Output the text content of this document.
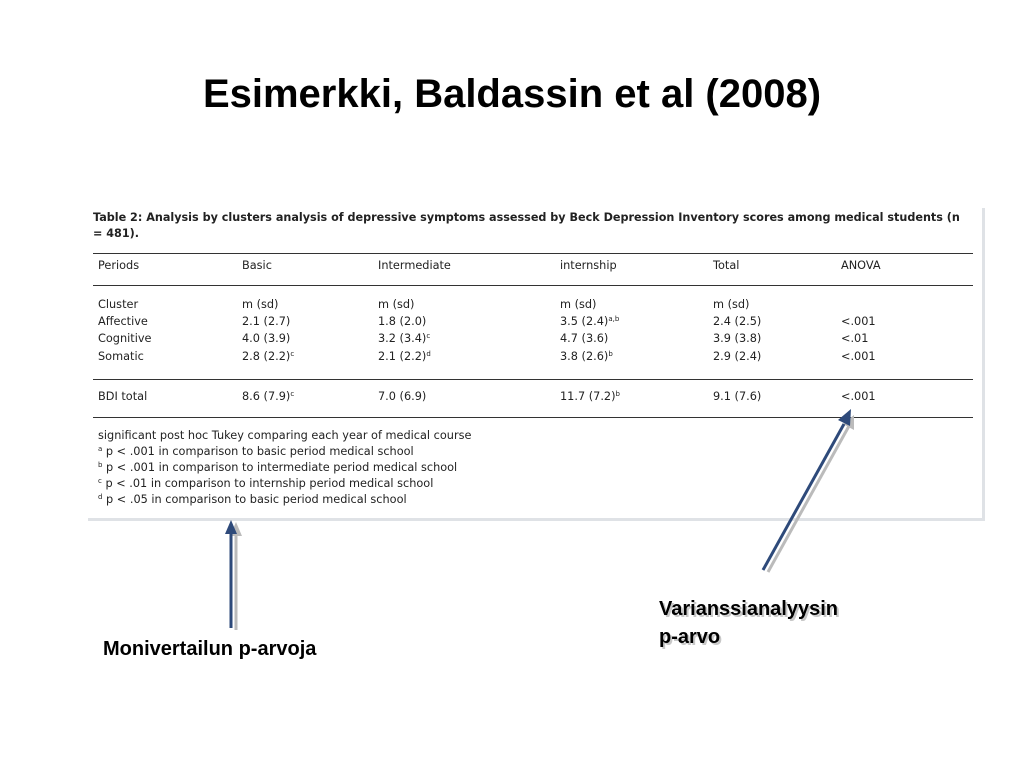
Esimerkki, Baldassin et al (2008)
Table 2: Analysis by clusters analysis of depressive symptoms assessed by Beck Depression Inventory scores among medical students (n = 481).
Periods	Basic	Intermediate	internship	Total	ANOVA
Cluster	m (sd)	m (sd)	m (sd)	m (sd)
Affective	2.1 (2.7)	1.8 (2.0)	3.5 $(2.4)^{a,b}$	2.4 (2.5)	<.001
Cognitive	4.0 (3.9)	3.2 $(3.4)^c$	4.7 (3.6)	3.9 (3.8)	<.01
Somatic	2.8 $(2.2)^c$	2.1 $(2.2)^d$	3.8 $(2.6)^b$	2.9 (2.4)	<.001
BDI total	8.6 $(7.9)^c$	7.0 (6.9)	11.7 $(7.2)^b$	9.1 (7.6)	<.001
significant post hoc Tukey comparing each year of medical course
$^a$ p < .001 in comparison to basic period medical school
$^b$ p < .001 in comparison to intermediate period medical school
$^c$ p < .01 in comparison to internship period medical school
$^d$ p < .05 in comparison to basic period medical school
Monivertailun p-arvoja
Varianssianalyysin
p-arvo
